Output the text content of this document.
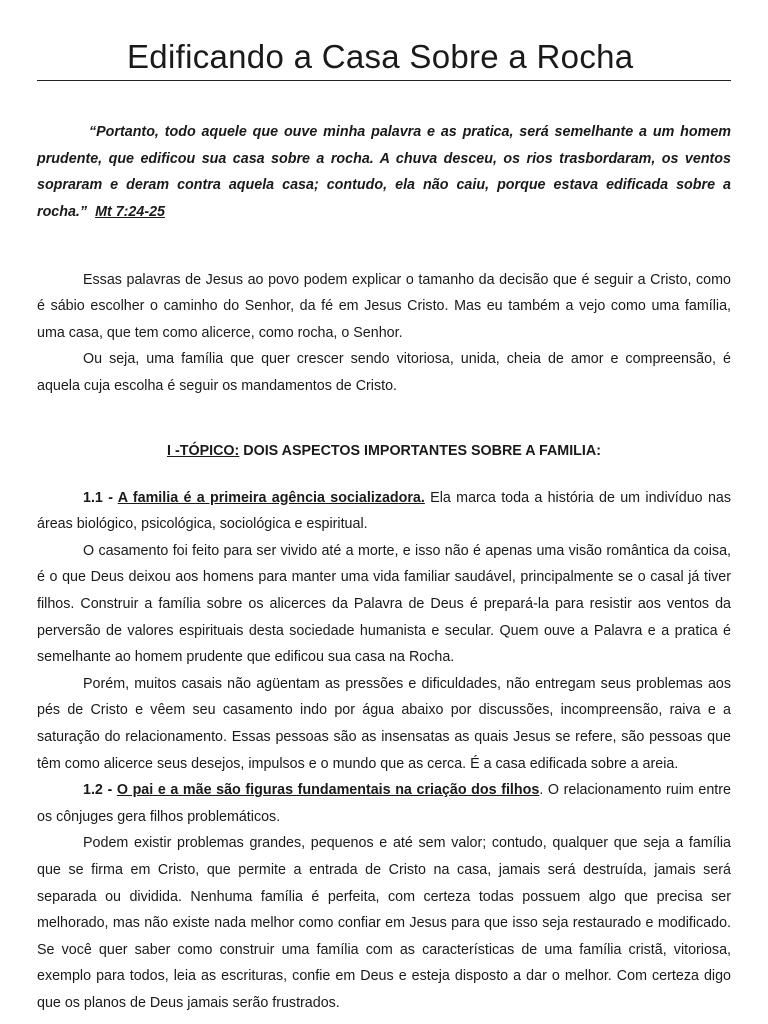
Edificando a Casa Sobre a Rocha

“Portanto, todo aquele que ouve minha palavra e as pratica, será semelhante a um homem prudente, que edificou sua casa sobre a rocha. A chuva desceu, os rios trasbordaram, os ventos sopraram e deram contra aquela casa; contudo, ela não caiu, porque estava edificada sobre a rocha.” Mt 7:24-25

Essas palavras de Jesus ao povo podem explicar o tamanho da decisão que é seguir a Cristo, como é sábio escolher o caminho do Senhor, da fé em Jesus Cristo. Mas eu também a vejo como uma família, uma casa, que tem como alicerce, como rocha, o Senhor.

Ou seja, uma família que quer crescer sendo vitoriosa, unida, cheia de amor e compreensão, é aquela cuja escolha é seguir os mandamentos de Cristo.

I -TÓPICO: DOIS ASPECTOS IMPORTANTES SOBRE A FAMILIA:

1.1 - A familia é a primeira agência socializadora. Ela marca toda a história de um indivíduo nas áreas biológico, psicológica, sociológica e espiritual.

O casamento foi feito para ser vivido até a morte, e isso não é apenas uma visão romântica da coisa, é o que Deus deixou aos homens para manter uma vida familiar saudável, principalmente se o casal já tiver filhos. Construir a família sobre os alicerces da Palavra de Deus é prepará-la para resistir aos ventos da perversão de valores espirituais desta sociedade humanista e secular. Quem ouve a Palavra e a pratica é semelhante ao homem prudente que edificou sua casa na Rocha.

Porém, muitos casais não agüentam as pressões e dificuldades, não entregam seus problemas aos pés de Cristo e vêem seu casamento indo por água abaixo por discussões, incompreensão, raiva e a saturação do relacionamento. Essas pessoas são as insensatas as quais Jesus se refere, são pessoas que têm como alicerce seus desejos, impulsos e o mundo que as cerca. É a casa edificada sobre a areia.

1.2 - O pai e a mãe são figuras fundamentais na criação dos filhos. O relacionamento ruim entre os cônjuges gera filhos problemáticos.

Podem existir problemas grandes, pequenos e até sem valor; contudo, qualquer que seja a família que se firma em Cristo, que permite a entrada de Cristo na casa, jamais será destruída, jamais será separada ou dividida. Nenhuma família é perfeita, com certeza todas possuem algo que precisa ser melhorado, mas não existe nada melhor como confiar em Jesus para que isso seja restaurado e modificado. Se você quer saber como construir uma família com as características de uma família cristã, vitoriosa, exemplo para todos, leia as escrituras, confie em Deus e esteja disposto a dar o melhor. Com certeza digo que os planos de Deus jamais serão frustrados.
